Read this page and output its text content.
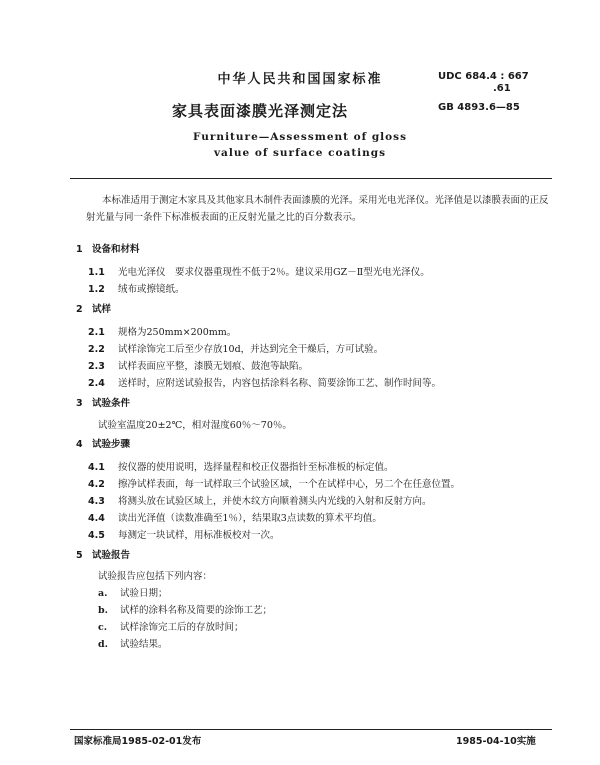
中华人民共和国国家标准	UDC 684.4 : 667
.61
家具表面漆膜光泽测定法	GB 4893.6—85
Furniture—Assessment of gloss
value of surface coatings
本标准适用于测定木家具及其他家具木制件表面漆膜的光泽。采用光电光泽仪。光泽值是以漆膜表面的正反射光量与同一条件下标准板表面的正反射光量之比的百分数表示。
1 设备和材料
1.1 光电光泽仪　要求仪器重现性不低于2％。建议采用GZ－Ⅱ型光电光泽仪。
1.2 绒布或擦镜纸。
2 试样
2.1 规格为250mm×200mm。
2.2 试样涂饰完工后至少存放10d，并达到完全干燥后，方可试验。
2.3 试样表面应平整，漆膜无划痕、鼓泡等缺陷。
2.4 送样时，应附送试验报告，内容包括涂料名称、简要涂饰工艺、制作时间等。
3 试验条件
试验室温度20±2℃，相对湿度60％～70％。
4 试验步骤
4.1 按仪器的使用说明，选择量程和校正仪器指针至标准板的标定值。
4.2 擦净试样表面，每一试样取三个试验区域，一个在试样中心，另二个在任意位置。
4.3 将测头放在试验区域上，并使木纹方向顺着测头内光线的入射和反射方向。
4.4 读出光泽值（读数准确至1％），结果取3点读数的算术平均值。
4.5 每测定一块试样，用标准板校对一次。
5 试验报告
试验报告应包括下列内容：
a. 试验日期；
b. 试样的涂料名称及简要的涂饰工艺；
c. 试样涂饰完工后的存放时间；
d. 试验结果。
国家标准局1985-02-01发布	1985-04-10实施
